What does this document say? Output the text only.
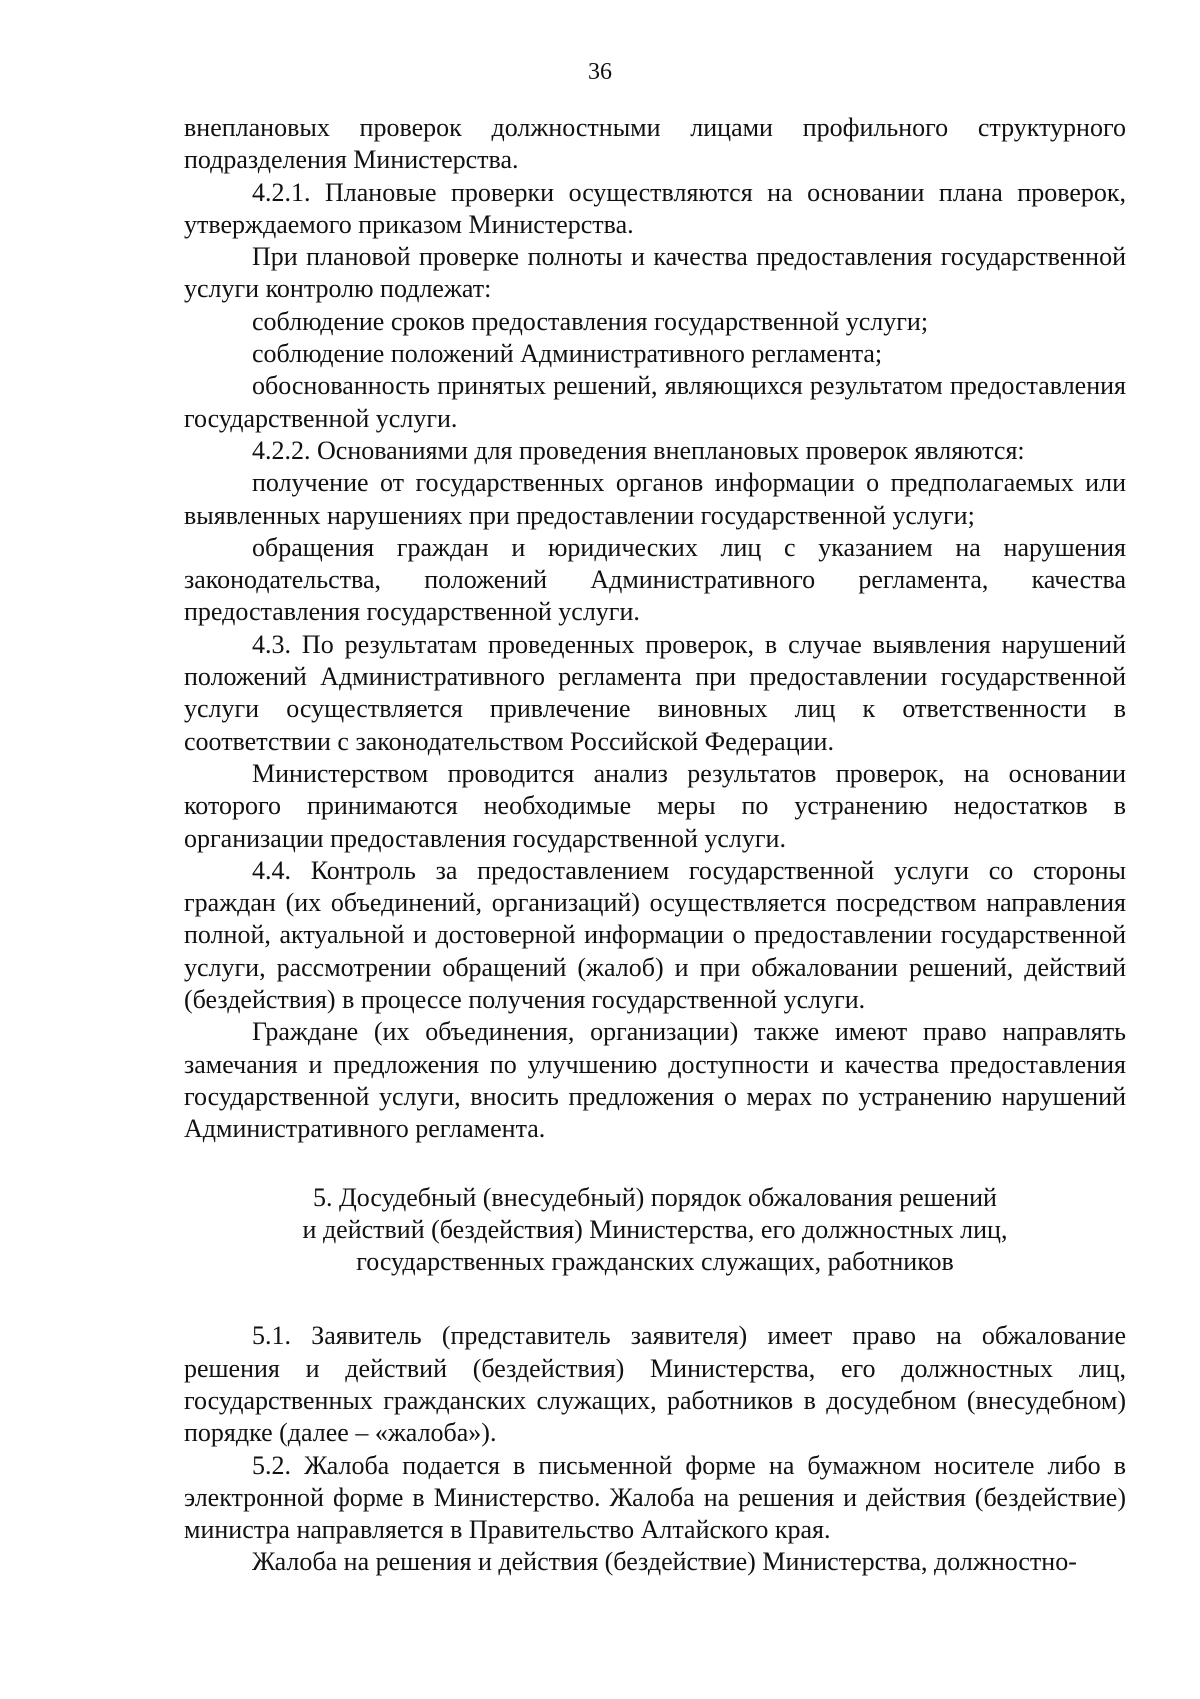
36

внеплановых проверок должностными лицами профильного структурного подразделения Министерства.

4.2.1. Плановые проверки осуществляются на основании плана проверок, утверждаемого приказом Министерства.

При плановой проверке полноты и качества предоставления государственной услуги контролю подлежат:

соблюдение сроков предоставления государственной услуги;

соблюдение положений Административного регламента;

обоснованность принятых решений, являющихся результатом предоставления государственной услуги.

4.2.2. Основаниями для проведения внеплановых проверок являются:

получение от государственных органов информации о предполагаемых или выявленных нарушениях при предоставлении государственной услуги;

обращения граждан и юридических лиц с указанием на нарушения законодательства, положений Административного регламента, качества предоставления государственной услуги.

4.3. По результатам проведенных проверок, в случае выявления нарушений положений Административного регламента при предоставлении государственной услуги осуществляется привлечение виновных лиц к ответственности в соответствии с законодательством Российской Федерации.

Министерством проводится анализ результатов проверок, на основании которого принимаются необходимые меры по устранению недостатков в организации предоставления государственной услуги.

4.4. Контроль за предоставлением государственной услуги со стороны граждан (их объединений, организаций) осуществляется посредством направления полной, актуальной и достоверной информации о предоставлении государственной услуги, рассмотрении обращений (жалоб) и при обжаловании решений, действий (бездействия) в процессе получения государственной услуги.

Граждане (их объединения, организации) также имеют право направлять замечания и предложения по улучшению доступности и качества предоставления государственной услуги, вносить предложения о мерах по устранению нарушений Административного регламента.

5. Досудебный (внесудебный) порядок обжалования решений
и действий (бездействия) Министерства, его должностных лиц,
государственных гражданских служащих, работников

5.1. Заявитель (представитель заявителя) имеет право на обжалование решения и действий (бездействия) Министерства, его должностных лиц, государственных гражданских служащих, работников в досудебном (внесудебном) порядке (далее – «жалоба»).

5.2. Жалоба подается в письменной форме на бумажном носителе либо в электронной форме в Министерство. Жалоба на решения и действия (бездействие) министра направляется в Правительство Алтайского края.

Жалоба на решения и действия (бездействие) Министерства, должностно-
